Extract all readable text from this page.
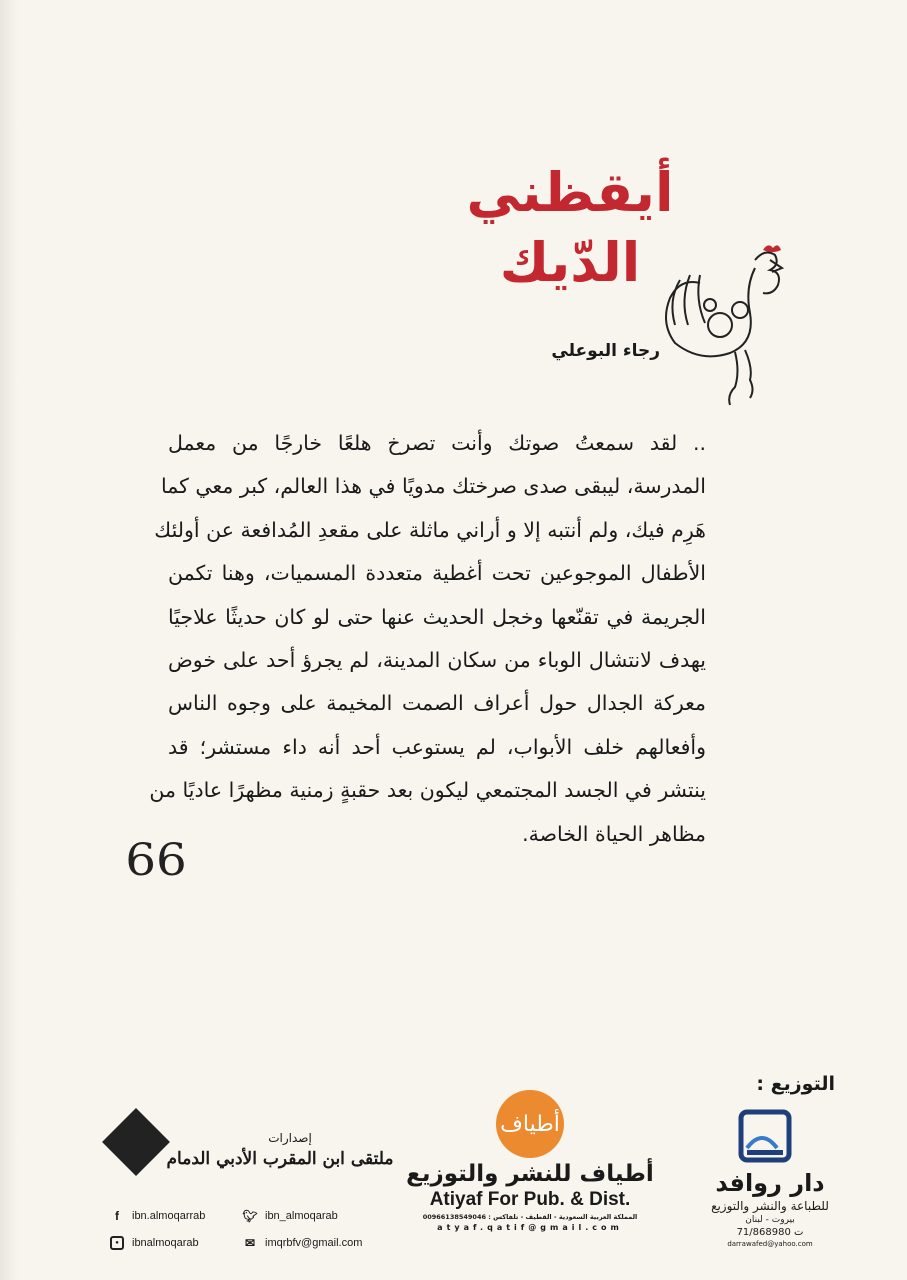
أيقظني
الدّيك
رجاء البوعلي
.. لقد سمعتُ صوتك وأنت تصرخ هلعًا خارجًا من معمل
المدرسة، ليبقى صدى صرختك مدويًا في هذا العالم، كبر معي كما
هَرِم فيك، ولم أنتبه إلا و أراني ماثلة على مقعدِ المُدافعة عن أولئك
الأطفال الموجوعين تحت أغطية متعددة المسميات، وهنا تكمن
الجريمة في تقنّعها وخجل الحديث عنها حتى لو كان حديثًا علاجيًا
يهدف لانتشال الوباء من سكان المدينة، لم يجرؤ أحد على خوض
معركة الجدال حول أعراف الصمت المخيمة على وجوه الناس
وأفعالهم خلف الأبواب، لم يستوعب أحد أنه داء مستشر؛ قد
ينتشر في الجسد المجتمعي ليكون بعد حقبةٍ زمنية مظهرًا عاديًا من
مظاهر الحياة الخاصة.
66
التوزيع :
دار روافد
للطباعة والنشر والتوزيع
بيروت - لبنان
ت 71/868980
darrawafed@yahoo.com
أطياف
أطياف للنشر والتوزيع
Atiyaf For Pub. & Dist.
المملكة العربية السعودية - القطيف - تلفاكس : 00966138549046
atyaf.qatif@gmail.com
إصدارات
ملتقى ابن المقرب الأدبي الدمام
f	ibn.almoqarrab	🐦︎ ibn_almoqarab
●	ibnalmoqarab	✉︎ imqrbfv@gmail.com
